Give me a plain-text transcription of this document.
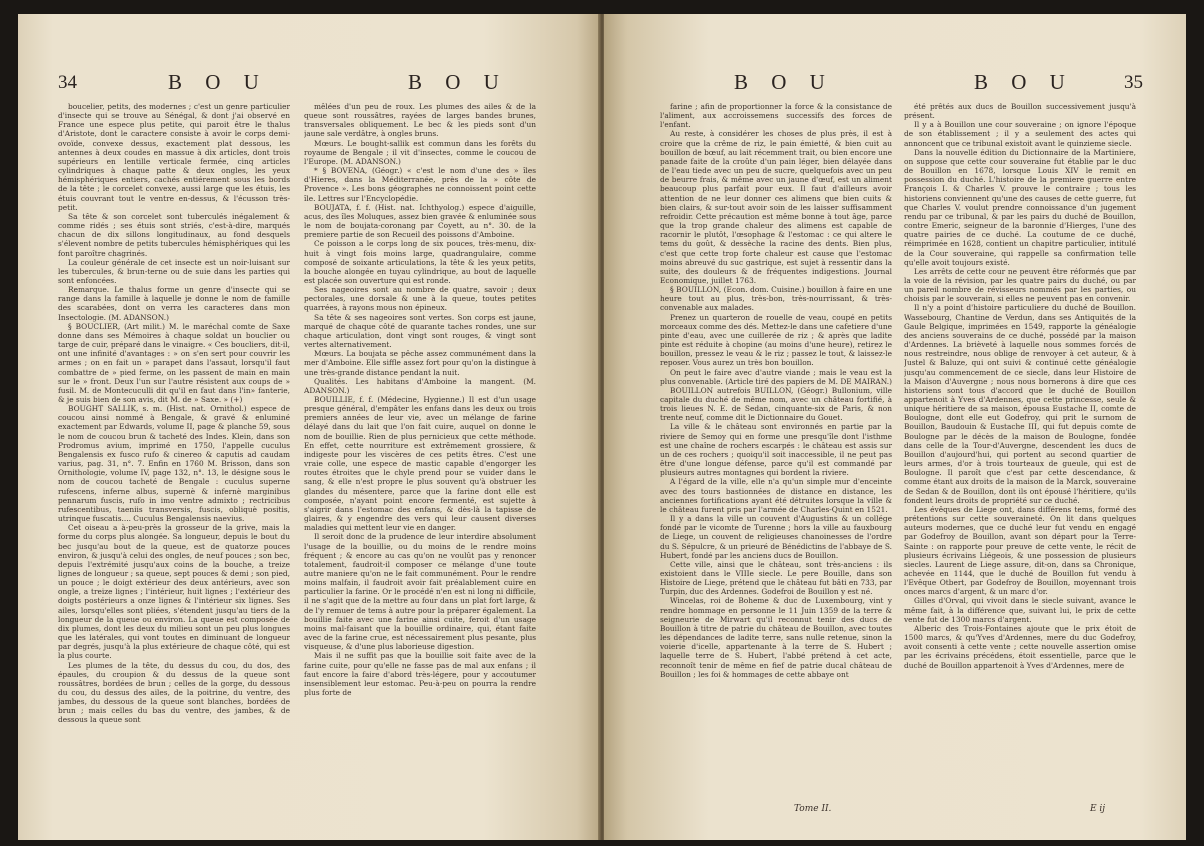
34	B O U	B O U

boucelier, petits, des modernes ; c'est un genre particulier d'insecte qui se trouve au Sénégal, & dont j'ai observé en France une espece plus petite, qui paroit être le thalus d'Aristote, dont le caractere consiste à avoir le corps demi-ovoïde, convexe dessus, exactement plat dessous, les antennes à deux coudes en massue à dix articles, dont trois supérieurs en lentille verticale fermée, cinq articles cylindriques à chaque patte & deux ongles, les yeux hémisphériques entiers, cachés entiérement sous les bords de la tête ; le corcelet convexe, aussi large que les étuis, les étuis couvrant tout le ventre en-dessus, & l'écusson très-petit.

Sa tête & son corcelet sont tuberculés inégalement & comme ridés ; ses étuis sont striés, c'est-à-dire, marqués chacun de dix sillons longitudinaux, au fond desquels s'élevent nombre de petits tubercules hémisphériques qui les font paroître chagrinés.

La couleur générale de cet insecte est un noir-luisant sur les tubercules, & brun-terne ou de suie dans les parties qui sont enfoncées.

Remarque. Le thalus forme un genre d'insecte qui se range dans la famille à laquelle je donne le nom de famille des scarabées, dont on verra les caracteres dans mon Insectologie. (M. ADANSON.)

§ BOUCLIER, (Art milit.) M. le maréchal comte de Saxe donne dans ses Mémoires à chaque soldat un bouclier ou targe de cuir, préparé dans le vinaigre. « Ces boucliers, dit-il, ont une infinité d'avantages : » on s'en sert pour couvrir les armes ; on en fait un » parapet dans l'assaut, lorsqu'il faut combattre de » pied ferme, on les passent de main en main sur le » front. Deux l'un sur l'autre résistent aux coups de » fusil. M. de Montecuculli dit qu'il en faut dans l'in» fanterie, & je suis bien de son avis, dit M. de » Saxe. » (+)

BOUGHT SALLIK, s. m. (Hist. nat. Ornithol.) espece de coucou ainsi nommé à Bengale, & gravé & enluminé exactement par Edwards, volume II, page & planche 59, sous le nom de coucou brun & tacheté des Indes. Klein, dans son Prodromus avium, imprimé en 1750, l'appelle cuculus Bengalensis ex fusco rufo & cinereo & caputis ad caudam varius, pag. 31, n°. 7. Enfin en 1760 M. Brisson, dans son Ornithologie, volume IV, page 132, n°. 13, le désigne sous le nom de coucou tacheté de Bengale : cuculus superne rufescens, inferne albus, supernè & infernè marginibus pennarum fuscis, rufo in imo ventre admixto ; rectricibus rufescentibus, taeniis transversis, fuscis, obliquè positis, utrinque fuscatis.... Cuculus Bengalensis naevius.

Cet oiseau a à-peu-près la grosseur de la grive, mais la forme du corps plus alongée. Sa longueur, depuis le bout du bec jusqu'au bout de la queue, est de quatorze pouces environ, & jusqu'à celui des ongles, de neuf pouces ; son bec, depuis l'extrémité jusqu'aux coins de la bouche, a treize lignes de longueur ; sa queue, sept pouces & demi ; son pied, un pouce ; le doigt extérieur des deux antérieurs, avec son ongle, a treize lignes ; l'intérieur, huit lignes ; l'extérieur des doigts postérieurs a onze lignes & l'intérieur six lignes. Ses ailes, lorsqu'elles sont pliées, s'étendent jusqu'au tiers de la longueur de la queue ou environ. La queue est composée de dix plumes, dont les deux du milieu sont un peu plus longues que les latérales, qui vont toutes en diminuant de longueur par degrés, jusqu'à la plus extérieure de chaque côté, qui est la plus courte.

Les plumes de la tête, du dessus du cou, du dos, des épaules, du croupion & du dessus de la queue sont roussâtres, bordées de brun ; celles de la gorge, du dessous du cou, du dessus des ailes, de la poitrine, du ventre, des jambes, du dessous de la queue sont blanches, bordées de brun ; mais celles du bas du ventre, des jambes, & de dessous la queue sont

mêlées d'un peu de roux. Les plumes des ailes & de la queue sont roussâtres, rayées de larges bandes brunes, transversales obliquement. Le bec & les pieds sont d'un jaune sale verdâtre, à ongles bruns.

Mœurs. Le bought-sallik est commun dans les forêts du royaume de Bengale ; il vit d'insectes, comme le coucou de l'Europe. (M. ADANSON.)

* § BOVENA, (Géogr.) « c'est le nom d'une des » îles d'Hieres, dans la Méditerranée, près de la » côte de Provence ». Les bons géographes ne connoissent point cette île. Lettres sur l'Encyclopédie.

BOUJATA, f. f. (Hist. nat. Ichthyolog.) espece d'aiguille, acus, des îles Moluques, assez bien gravée & enluminée sous le nom de boujata-coronang par Coyett, au n°. 30. de la premiere partie de son Recueil des poissons d'Amboine.

Ce poisson a le corps long de six pouces, très-menu, dix-huit à vingt fois moins large, quadrangulaire, comme composé de soixante articulations, la tête & les yeux petits, la bouche alongée en tuyau cylindrique, au bout de laquelle est placée son ouverture qui est ronde.

Ses nageoires sont au nombre de quatre, savoir ; deux pectorales, une dorsale & une à la queue, toutes petites quarrées, à rayons mous non épineux.

Sa tête & ses nageoires sont vertes. Son corps est jaune, marqué de chaque côté de quarante taches rondes, une sur chaque articulation, dont vingt sont rouges, & vingt sont vertes alternativement.

Mœurs. La boujata se pêche assez communément dans la mer d'Amboine. Elle siffle assez fort pour qu'on la distingue à une très-grande distance pendant la nuit.

Qualités. Les habitans d'Amboine la mangent. (M. ADANSON.)

BOUILLIE, f. f. (Médecine, Hygienne.) Il est d'un usage presque général, d'empâter les enfans dans les deux ou trois premiers années de leur vie, avec un mélange de farine délayé dans du lait que l'on fait cuire, auquel on donne le nom de bouillie. Rien de plus pernicieux que cette méthode. En effet, cette nourriture est extrêmement grossiere, & indigeste pour les viscères de ces petits êtres. C'est une vraie colle, une espece de mastic capable d'engorger les routes étroites que le chyle prend pour se vuider dans le sang, & elle n'est propre le plus souvent qu'à obstruer les glandes du mésentere, parce que la farine dont elle est composée, n'ayant point encore fermenté, est sujette à s'aigrir dans l'estomac des enfans, & dès-là la tapisse de glaires, & y engendre des vers qui leur causent diverses maladies qui mettent leur vie en danger.

Il seroit donc de la prudence de leur interdire absolument l'usage de la bouillie, ou du moins de le rendre moins fréquent ; & encore au cas qu'on ne voulût pas y renoncer totalement, faudroit-il composer ce mélange d'une toute autre maniere qu'on ne le fait communément. Pour le rendre moins malfain, il faudroit avoir fait préalablement cuire en particulier la farine. Or le procédé n'en est ni long ni difficile, il ne s'agit que de la mettre au four dans un plat fort large, & de l'y remuer de tems à autre pour la préparer également. La bouillie faite avec une farine ainsi cuite, feroit d'un usage moins mal-faisant que la bouillie ordinaire, qui, étant faite avec de la farine crue, est nécessairement plus pesante, plus visqueuse, & d'une plus laborieuse digestion.

Mais il ne suffit pas que la bouillie soit faite avec de la farine cuite, pour qu'elle ne fasse pas de mal aux enfans ; il faut encore la faire d'abord très-légere, pour y accoutumer insensiblement leur estomac. Peu-à-peu on pourra la rendre plus forte de

B O U	B O U	35

farine ; afin de proportionner la force & la consistance de l'aliment, aux accroissemens successifs des forces de l'enfant.

Au reste, à considérer les choses de plus près, il est à croire que la crême de riz, le pain émietté, & bien cuit au bouillon de bœuf, au lait récemment trait, ou bien encore une panade faite de la croûte d'un pain léger, bien délayée dans de l'eau tiede avec un peu de sucre, quelquefois avec un peu de beurre frais, & même avec un jaune d'œuf, est un aliment beaucoup plus parfait pour eux. Il faut d'ailleurs avoir attention de ne leur donner ces alimens que bien cuits & bien clairs, & sur-tout avoir soin de les laisser suffisamment refroidir. Cette précaution est même bonne à tout âge, parce que la trop grande chaleur des alimens est capable de racornir le plutôt, l'œsophage & l'estomac : ce qui altere le tems du goût, & dessèche la racine des dents. Bien plus, c'est que cette trop forte chaleur est cause que l'estomac moins abreuvé du suc gastrique, est sujet à ressentir dans la suite, des douleurs & de fréquentes indigestions. Journal Economique, juillet 1763.

§ BOUILLON, (Econ. dom. Cuisine.) bouillon à faire en une heure tout au plus, très-bon, très-nourrissant, & très-convenable aux malades.

Prenez un quarteron de rouelle de veau, coupé en petits morceaux comme des dés. Mettez-le dans une cafetiere d'une pinte d'eau, avec une cuillerée de riz ; & après que ladite pinte est réduite à chopine (au moins d'une heure), retirez le bouillon, pressez le veau & le riz ; passez le tout, & laissez-le reposer. Vous aurez un très bon bouillon.

On peut le faire avec d'autre viande ; mais le veau est la plus convenable. (Article tiré des papiers de M. DE MAIRAN.)

BOUILLON autrefois BUILLON, (Géogr.) Bullonium, ville capitale du duché de même nom, avec un château fortifié, à trois lieues N. E. de Sedan, cinquante-six de Paris, & non trente neuf, comme dit le Dictionnaire du Gouet.

La ville & le château sont environnés en partie par la riviere de Semoy qui en forme une presqu'île dont l'isthme est une chaîne de rochers escarpés : le château est assis sur un de ces rochers ; quoiqu'il soit inaccessible, il ne peut pas être d'une longue défense, parce qu'il est commandé par plusieurs autres montagnes qui bordent la riviere.

A l'égard de la ville, elle n'a qu'un simple mur d'enceinte avec des tours bastionnées de distance en distance, les anciennes fortifications ayant été détruites lorsque la ville & le château furent pris par l'armée de Charles-Quint en 1521.

Il y a dans la ville un couvent d'Augustins & un collége fondé par le vicomte de Turenne ; hors la ville au fauxbourg de Liege, un couvent de religieuses chanoinesses de l'ordre du S. Sépulcre, & un prieuré de Bénédictins de l'abbaye de S. Hubert, fondé par les anciens ducs de Bouillon.

Cette ville, ainsi que le château, sont très-anciens : ils existoient dans le VIIIe siecle. Le pere Bouille, dans son Histoire de Liege, prétend que le château fut bâti en 733, par Turpin, duc des Ardennes. Godefroi de Bouillon y est né.

Wincelas, roi de Boheme & duc de Luxembourg, vint y rendre hommage en personne le 11 Juin 1359 de la terre & seigneurie de Mirwart qu'il reconnut tenir des ducs de Bouillon à titre de patrie du château de Bouillon, avec toutes les dépendances de ladite terre, sans nulle retenue, sinon la voierie d'icelle, appartenante à la terre de S. Hubert ; laquelle terre de S. Hubert, l'abbé prétend à cet acte, reconnoît tenir de même en fief de patrie ducal château de Bouillon ; les foi & hommages de cette abbaye ont

été prêtés aux ducs de Bouillon successivement jusqu'à présent.

Il y a à Bouillon une cour souveraine ; on ignore l'époque de son établissement ; il y a seulement des actes qui annoncent que ce tribunal existoit avant le quinzieme siecle.

Dans la nouvelle édition du Dictionnaire de la Martiniere, on suppose que cette cour souveraine fut établie par le duc de Bouillon en 1678, lorsque Louis XIV le remit en possession du duché. L'histoire de la premiere guerre entre François I. & Charles V. prouve le contraire ; tous les historiens conviennent qu'une des causes de cette guerre, fut que Charles V. voulut prendre connoissance d'un jugement rendu par ce tribunal, & par les pairs du duché de Bouillon, contre Emeric, seigneur de la baronnie d'Hierges, l'une des quatre pairies de ce duché. La coutume de ce duché, réimprimée en 1628, contient un chapitre particulier, intitulé de la Cour souveraine, qui rappelle sa confirmation telle qu'elle avoit toujours existé.

Les arrêts de cette cour ne peuvent être réformés que par la voie de la révision, par les quatre pairs du duché, ou par un pareil nombre de révisseurs nommés par les parties, ou choisis par le souverain, si elles ne peuvent pas en convenir.

Il n'y a point d'histoire particuliere du duché de Bouillon. Wassebourg, Chantine de Verdun, dans ses Antiquités de la Gaule Belgique, imprimées en 1549, rapporte la généalogie des anciens souverains de ce duché, possédé par la maison d'Ardennes. La brièveté à laquelle nous sommes forcés de nous restreindre, nous oblige de renvoyer à cet auteur, & à Justel & Baluze, qui ont suivi & continué cette généalogie jusqu'au commencement de ce siecle, dans leur Histoire de la Maison d'Auvergne ; nous nous bornerons à dire que ces historiens sont tous d'accord que le duché de Bouillon appartenoit à Yves d'Ardennes, que cette princesse, seule & unique héritiere de sa maison, épousa Eustache II, comte de Boulogne, dont elle eut Godefroy, qui prit le surnom de Bouillon, Baudouin & Eustache III, qui fut depuis comte de Boulogne par le décès de la maison de Boulogne, fondée dans celle de la Tour-d'Auvergne, descendent les ducs de Bouillon d'aujourd'hui, qui portent au second quartier de leurs armes, d'or à trois tourteaux de gueule, qui est de Boulogne. Il paroît que c'est par cette descendance, & comme étant aux droits de la maison de la Marck, souveraine de Sedan & de Bouillon, dont ils ont épousé l'héritiere, qu'ils fondent leurs droits de propriété sur ce duché.

Les évêques de Liege ont, dans différens tems, formé des prétentions sur cette souveraineté. On lit dans quelques auteurs modernes, que ce duché leur fut vendu en engagé par Godefroy de Bouillon, avant son départ pour la Terre-Sainte : on rapporte pour preuve de cette vente, le récit de plusieurs écrivains Liégeois, & une possession de plusieurs siecles. Laurent de Liege assure, dit-on, dans sa Chronique, achevée en 1144, que le duché de Bouillon fut vendu à l'Evêque Otbert, par Godefroy de Bouillon, moyennant trois onces marcs d'argent, & un marc d'or.

Gilles d'Orval, qui vivoit dans le siecle suivant, avance le même fait, à la différence que, suivant lui, le prix de cette vente fut de 1300 marcs d'argent.

Alberic des Trois-Fontaines ajoute que le prix étoit de 1500 marcs, & qu'Yves d'Ardennes, mere du duc Godefroy, avoit consenti à cette vente ; cette nouvelle assertion omise par les écrivains précédens, étoit essentielle, parce que le duché de Bouillon appartenoit à Yves d'Ardennes, mere de

Tome II.	E ij
